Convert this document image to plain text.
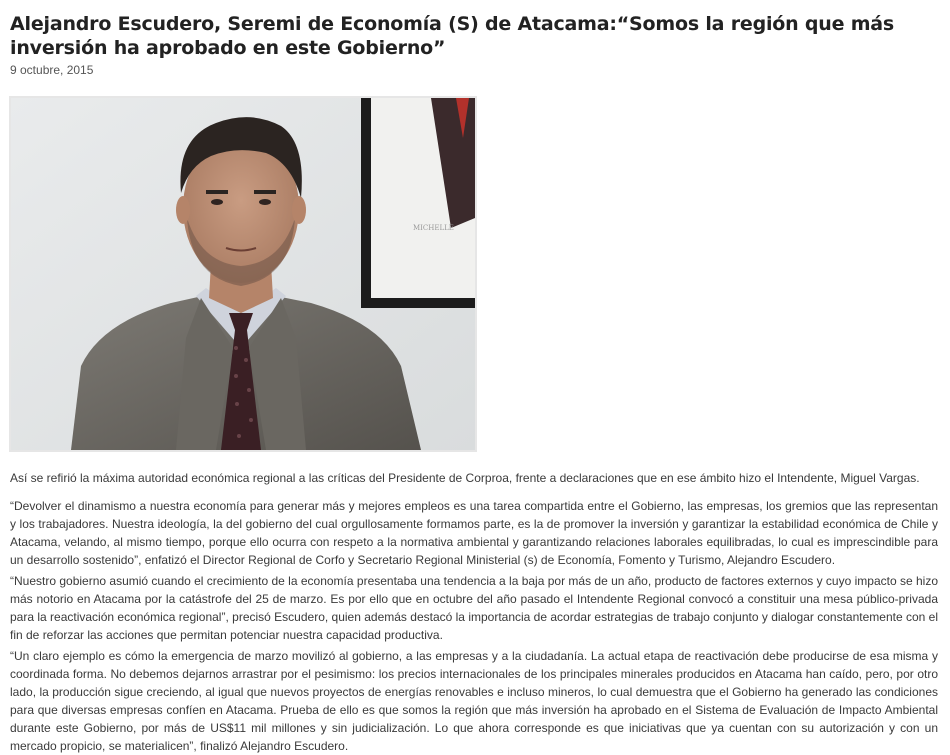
Alejandro Escudero, Seremi de Economía (S) de Atacama:“Somos la región que más inversión ha aprobado en este Gobierno”
9 octubre, 2015
MICHELLE

Así se refirió la máxima autoridad económica regional a las críticas del Presidente de Corproa, frente a declaraciones que en ese ámbito hizo el Intendente, Miguel Vargas.

“Devolver el dinamismo a nuestra economía para generar más y mejores empleos es una tarea compartida entre el Gobierno, las empresas, los gremios que las representan y los trabajadores. Nuestra ideología, la del gobierno del cual orgullosamente formamos parte, es la de promover la inversión y garantizar la estabilidad económica de Chile y Atacama, velando, al mismo tiempo, porque ello ocurra con respeto a la normativa ambiental y garantizando relaciones laborales equilibradas, lo cual es imprescindible para un desarrollo sostenido”, enfatizó el Director Regional de Corfo y Secretario Regional Ministerial (s) de Economía, Fomento y Turismo, Alejandro Escudero.

“Nuestro gobierno asumió cuando el crecimiento de la economía presentaba una tendencia a la baja por más de un año, producto de factores externos y cuyo impacto se hizo más notorio en Atacama por la catástrofe del 25 de marzo. Es por ello que en octubre del año pasado el Intendente Regional convocó a constituir una mesa público-privada para la reactivación económica regional”, precisó Escudero, quien además destacó la importancia de acordar estrategias de trabajo conjunto y dialogar constantemente con el fin de reforzar las acciones que permitan potenciar nuestra capacidad productiva.

“Un claro ejemplo es cómo la emergencia de marzo movilizó al gobierno, a las empresas y a la ciudadanía. La actual etapa de reactivación debe producirse de esa misma y coordinada forma. No debemos dejarnos arrastrar por el pesimismo: los precios internacionales de los principales minerales producidos en Atacama han caído, pero, por otro lado, la producción sigue creciendo, al igual que nuevos proyectos de energías renovables e incluso mineros, lo cual demuestra que el Gobierno ha generado las condiciones para que diversas empresas confíen en Atacama. Prueba de ello es que somos la región que más inversión ha aprobado en el Sistema de Evaluación de Impacto Ambiental durante este Gobierno, por más de US$11 mil millones y sin judicialización. Lo que ahora corresponde es que iniciativas que ya cuentan con su autorización y con un mercado propicio, se materialicen”, finalizó Alejandro Escudero.
